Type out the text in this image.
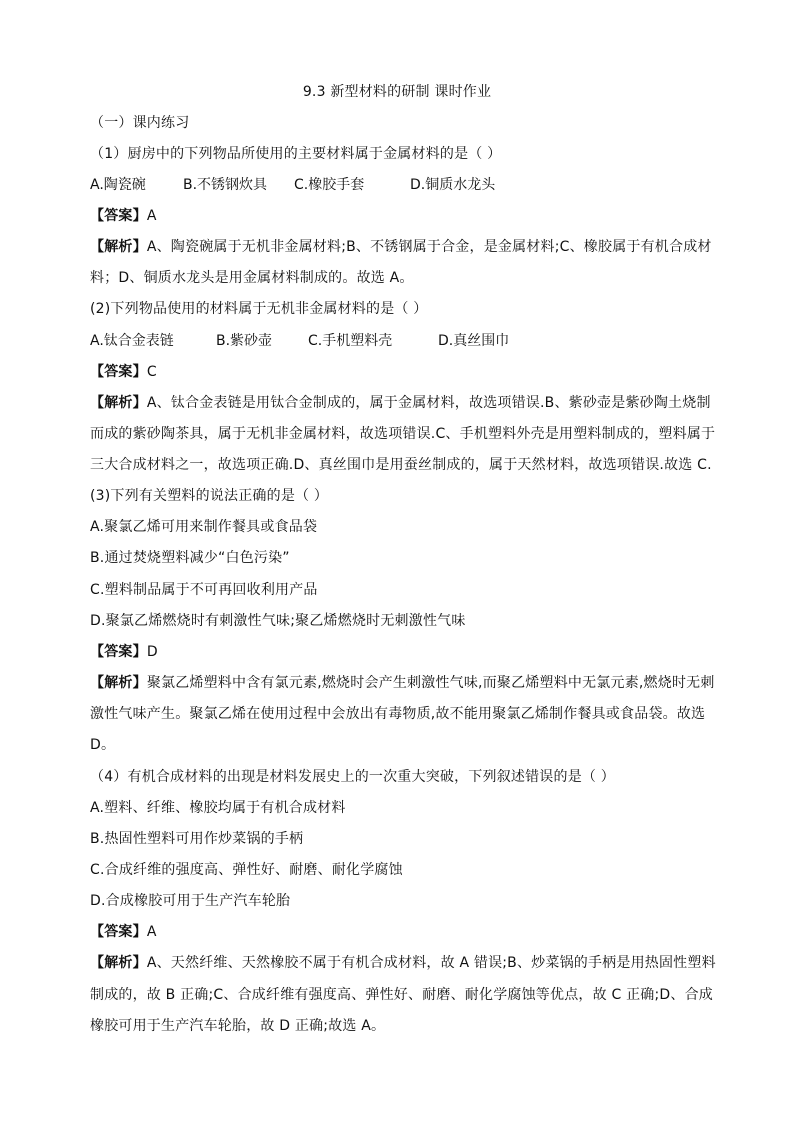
9.3 新型材料的研制 课时作业
（一）课内练习
（1）厨房中的下列物品所使用的主要材料属于金属材料的是（ ）
A.陶瓷碗	B.不锈钢炊具 C.橡胶手套	D.铜质水龙头
【答案】A
【解析】A、陶瓷碗属于无机非金属材料;B、不锈钢属于合金，是金属材料;C、橡胶属于有机合成材
料；D、铜质水龙头是用金属材料制成的。故选 A。
(2)下列物品使用的材料属于无机非金属材料的是（ ）
A.钛合金表链	B.紫砂壶	C.手机塑料壳	D.真丝围巾
【答案】C
【解析】A、钛合金表链是用钛合金制成的，属于金属材料，故选项错误.B、紫砂壶是紫砂陶土烧制
而成的紫砂陶茶具，属于无机非金属材料，故选项错误.C、手机塑料外壳是用塑料制成的，塑料属于
三大合成材料之一，故选项正确.D、真丝围巾是用蚕丝制成的，属于天然材料，故选项错误.故选 C.
(3)下列有关塑料的说法正确的是（ ）
A.聚氯乙烯可用来制作餐具或食品袋
B.通过焚烧塑料减少“白色污染”
C.塑料制品属于不可再回收利用产品
D.聚氯乙烯燃烧时有刺激性气味;聚乙烯燃烧时无刺激性气味
【答案】D
【解析】聚氯乙烯塑料中含有氯元素,燃烧时会产生刺激性气味,而聚乙烯塑料中无氯元素,燃烧时无刺
激性气味产生。聚氯乙烯在使用过程中会放出有毒物质,故不能用聚氯乙烯制作餐具或食品袋。故选
D。
（4）有机合成材料的出现是材料发展史上的一次重大突破，下列叙述错误的是（ ）
A.塑料、纤维、橡胶均属于有机合成材料
B.热固性塑料可用作炒菜锅的手柄
C.合成纤维的强度高、弹性好、耐磨、耐化学腐蚀
D.合成橡胶可用于生产汽车轮胎
【答案】A
【解析】A、天然纤维、天然橡胶不属于有机合成材料，故 A 错误;B、炒菜锅的手柄是用热固性塑料
制成的，故 B 正确;C、合成纤维有强度高、弹性好、耐磨、耐化学腐蚀等优点，故 C 正确;D、合成
橡胶可用于生产汽车轮胎，故 D 正确;故选 A。
